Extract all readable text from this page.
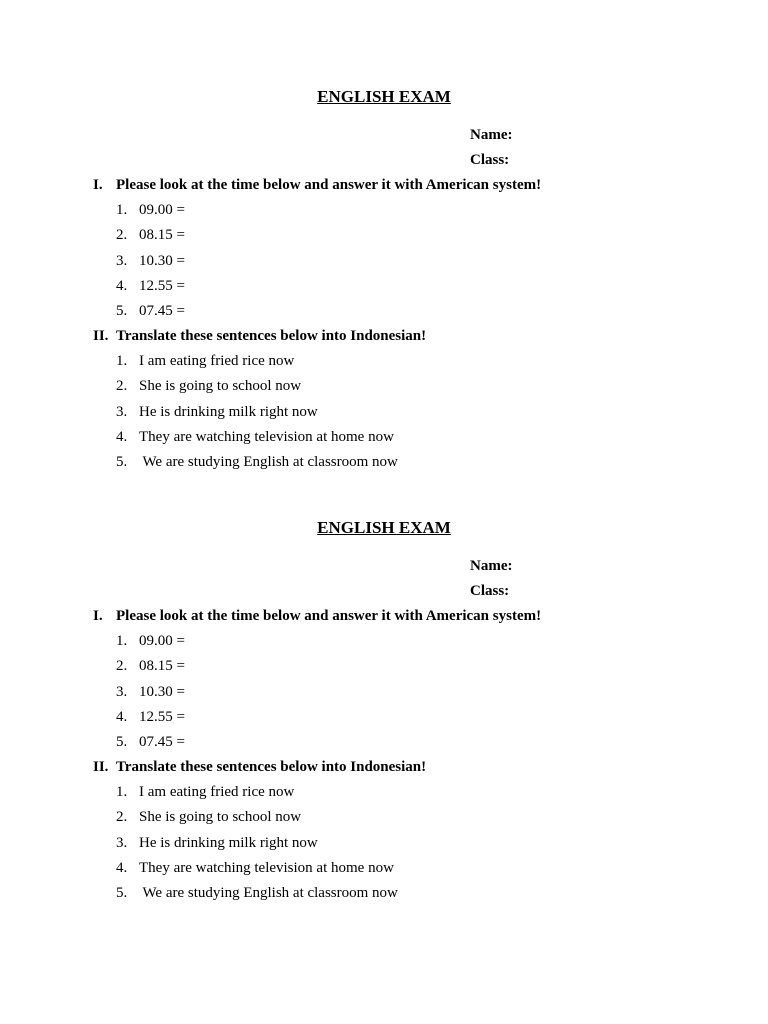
ENGLISH EXAM
Name:
Class:
I. Please look at the time below and answer it with American system!
1. 09.00 =
2. 08.15 =
3. 10.30 =
4. 12.55 =
5. 07.45 =
II. Translate these sentences below into Indonesian!
1. I am eating fried rice now
2. She is going to school now
3. He is drinking milk right now
4. They are watching television at home now
5. We are studying English at classroom now
ENGLISH EXAM
Name:
Class:
I. Please look at the time below and answer it with American system!
1. 09.00 =
2. 08.15 =
3. 10.30 =
4. 12.55 =
5. 07.45 =
II. Translate these sentences below into Indonesian!
1. I am eating fried rice now
2. She is going to school now
3. He is drinking milk right now
4. They are watching television at home now
5. We are studying English at classroom now
